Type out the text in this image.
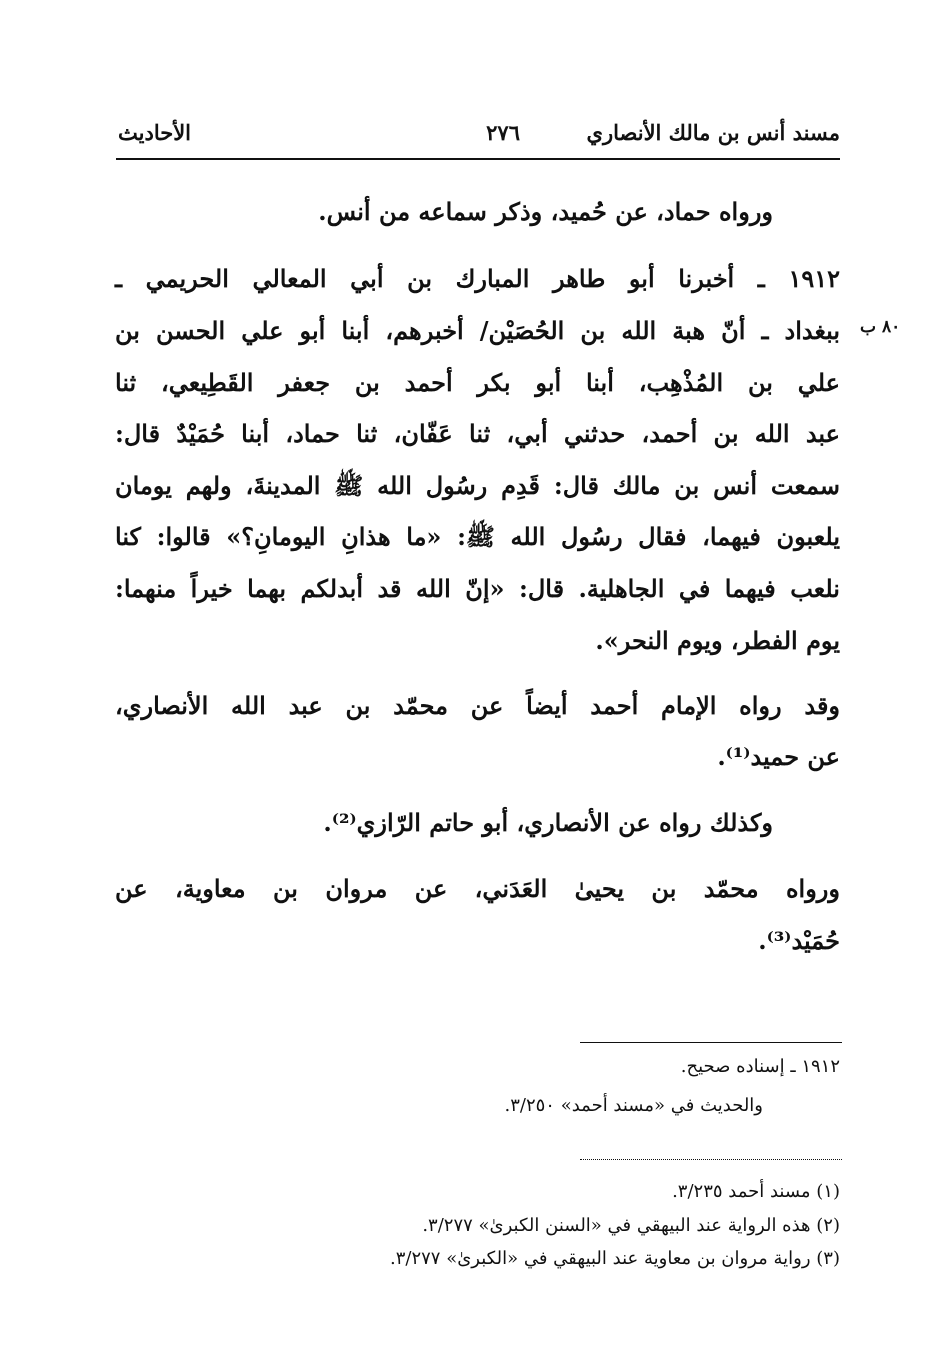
مسند أنس بن مالك الأنصاري
٢٧٦
الأحاديث
٨٠ ب
ورواه حماد، عن حُميد، وذكر سماعه من أنس.
١٩١٢ ـ أخبرنا أبو طاهر المبارك بن أبي المعالي الحريمي ـ
ببغداد ـ أنّ هبة الله بن الحُصَيْن/ أخبرهم، أبنا أبو علي الحسن بن
علي بن المُذْهِب، أبنا أبو بكر أحمد بن جعفر القَطِيعي، ثنا
عبد الله بن أحمد، حدثني أبي، ثنا عَفّان، ثنا حماد، أبنا حُمَيْدٌ قال:
سمعت أنس بن مالك قال: قَدِم رسُول الله ﷺ المدينةَ، ولهم يومان
يلعبون فيهما، فقال رسُول الله ﷺ: «ما هذانِ اليومانِ؟» قالوا: كنا
نلعب فيهما في الجاهلية. قال: «إنّ الله قد أبدلكم بهما خيراً منهما:
يوم الفطر، ويوم النحر».
وقد رواه الإمام أحمد أيضاً عن محمّد بن عبد الله الأنصاري،
عن حميد⁽¹⁾.
وكذلك رواه عن الأنصاري، أبو حاتم الرّازي⁽²⁾.
ورواه محمّد بن يحيىٰ العَدَني، عن مروان بن معاوية، عن
حُمَيْد⁽³⁾.
١٩١٢ ـ إسناده صحيح.
والحديث في «مسند أحمد» ٣/٢٥٠.
(١) مسند أحمد ٣/٢٣٥.
(٢) هذه الرواية عند البيهقي في «السنن الكبرىٰ» ٣/٢٧٧.
(٣) رواية مروان بن معاوية عند البيهقي في «الكبرىٰ» ٣/٢٧٧.
